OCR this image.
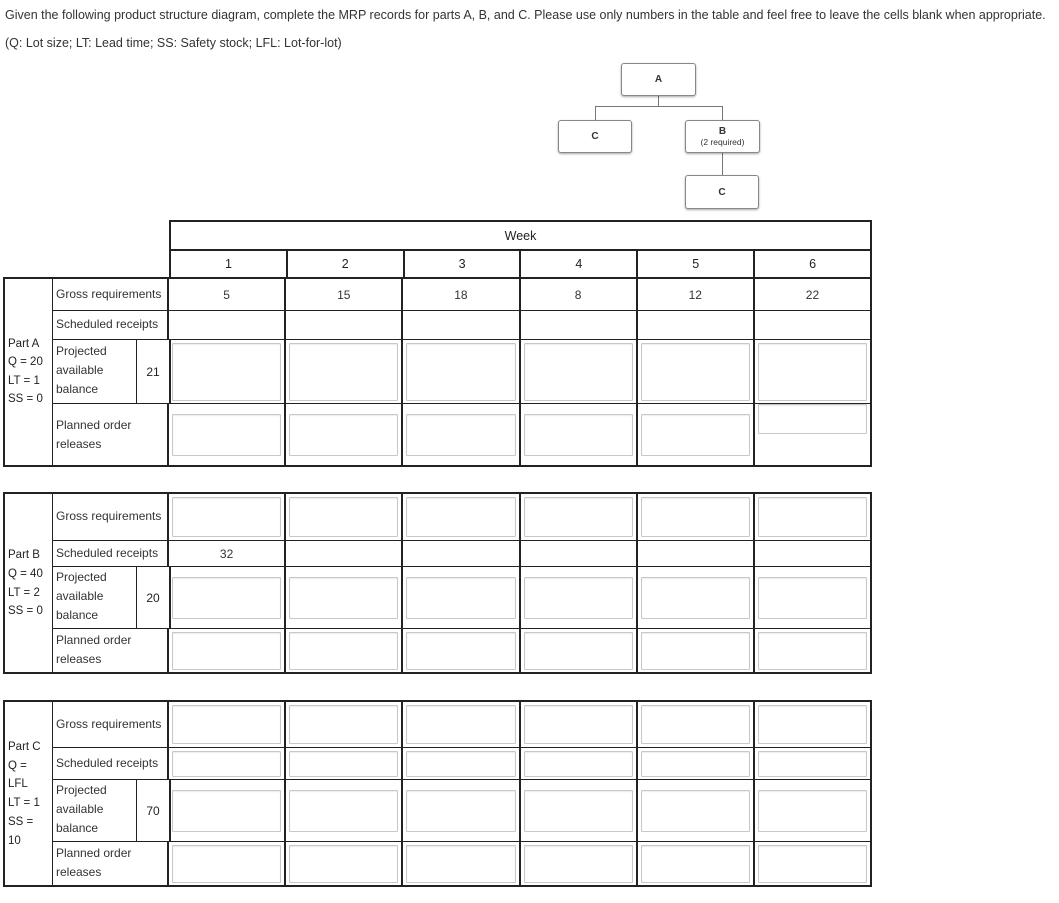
Given the following product structure diagram, complete the MRP records for parts A, B, and C. Please use only numbers in the table and feel free to leave the cells blank when appropriate.
(Q: Lot size; LT: Lead time; SS: Safety stock; LFL: Lot-for-lot)
A
C	B
(2 required)
C
Week
1	2	3	4	5	6
Part A
Q = 20
LT = 1
SS = 0
Gross requirements	5	15	18	8	12	22
Scheduled receipts
Projected
available
balance
21
Planned order
releases
Part B
Q = 40
LT = 2
SS = 0
Gross requirements
Scheduled receipts	32
Projected
available
balance
20
Planned order
releases
Part C
Q =
LFL
LT = 1
SS =
10
Gross requirements
Scheduled receipts
Projected
available
balance
70
Planned order
releases
